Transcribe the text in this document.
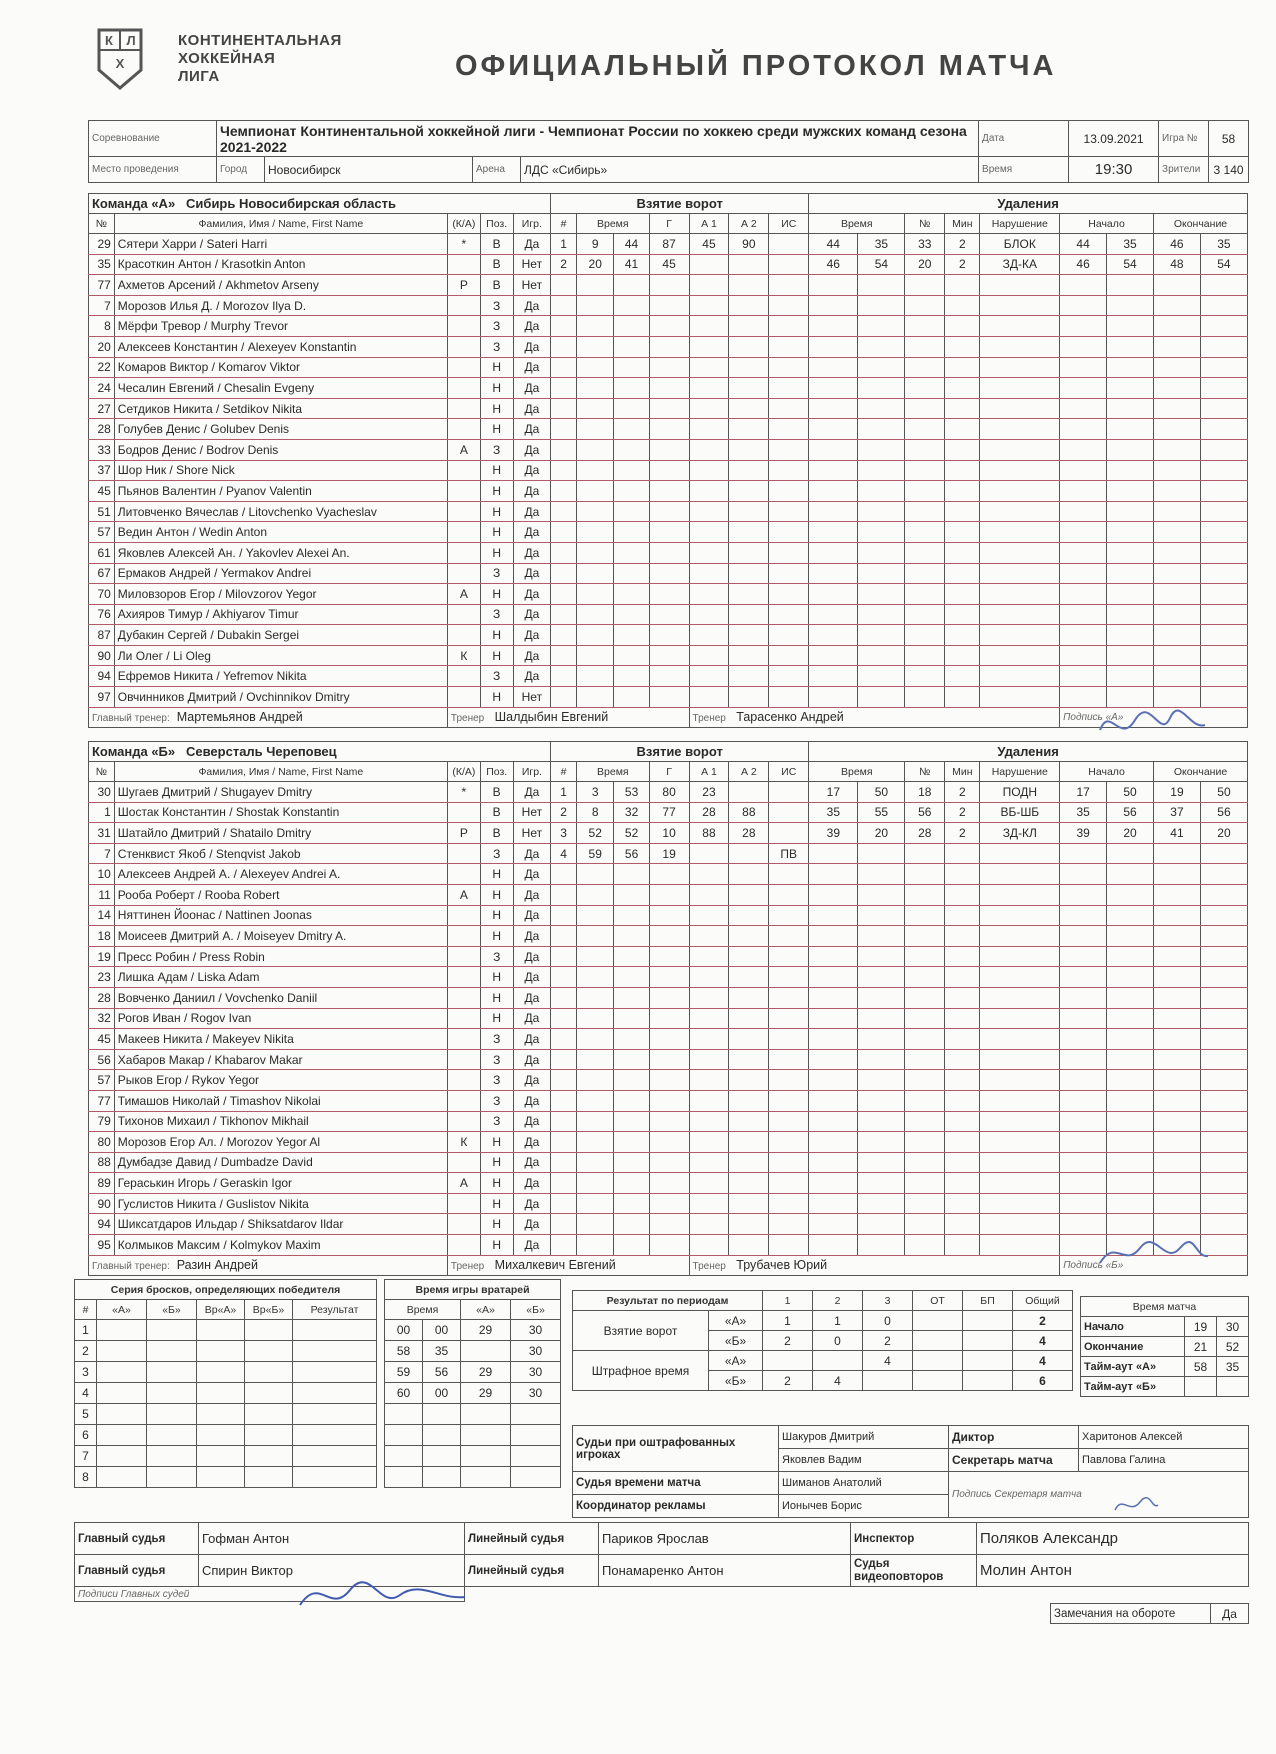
К Л
Х
КОНТИНЕНТАЛЬНАЯ
ХОККЕЙНАЯ
ЛИГА	ОФИЦИАЛЬНЫЙ ПРОТОКОЛ МАТЧА
Соревнование	Чемпионат Континентальной хоккейной лиги - Чемпионат России по хоккею среди мужских команд сезона 2021-2022				Дата	13.09.2021	Игра №	58
Место проведения	Город	Новосибирск	Арена	ЛДС «Сибирь»	Время	19:30	Зрители	3 140
Команда «А» Сибирь Новосибирская область					Взятие ворот							Удаления								
№	Фамилия, Имя / Name, First Name	(К/А)	Поз.	Игр.	#	Время		Г	А 1	А 2	ИС	Время		№	Мин	Нарушение	Начало		Окончание	
29	Сятери Харри / Sateri Harri	*	В	Да	1	9	44	87	45	90		44	35	33	2	БЛОК	44	35	46	35
35	Красоткин Антон / Krasotkin Anton		В	Нет	2	20	41	45				46	54	20	2	ЗД-КА	46	54	48	54
77	Ахметов Арсений / Akhmetov Arseny	Р	В	Нет																
7	Морозов Илья Д. / Morozov Ilya D.		З	Да																
8	Мёрфи Тревор / Murphy Trevor		З	Да																
20	Алексеев Константин / Alexeyev Konstantin		З	Да																
22	Комаров Виктор / Komarov Viktor		Н	Да																
24	Чесалин Евгений / Chesalin Evgeny		Н	Да																
27	Сетдиков Никита / Setdikov Nikita		Н	Да																
28	Голубев Денис / Golubev Denis		Н	Да																
33	Бодров Денис / Bodrov Denis	А	З	Да																
37	Шор Ник / Shore Nick		Н	Да																
45	Пьянов Валентин / Pyanov Valentin		Н	Да																
51	Литовченко Вячеслав / Litovchenko Vyacheslav		Н	Да																
57	Ведин Антон / Wedin Anton		Н	Да																
61	Яковлев Алексей Ан. / Yakovlev Alexei An.		Н	Да																
67	Ермаков Андрей / Yermakov Andrei		З	Да																
70	Миловзоров Егор / Milovzorov Yegor	А	Н	Да																
76	Ахияров Тимур / Akhiyarov Timur		З	Да																
87	Дубакин Сергей / Dubakin Sergei		Н	Да																
90	Ли Олег / Li Oleg	К	Н	Да																
94	Ефремов Никита / Yefremov Nikita		З	Да																
97	Овчинников Дмитрий / Ovchinnikov Dmitry		Н	Нет																
Главный тренер: Мартемьянов Андрей		Тренер Шалдыбин Евгений							Тренер Тарасенко Андрей								Подпись «А»			
Команда «Б» Северсталь Череповец					Взятие ворот							Удаления								
№	Фамилия, Имя / Name, First Name	(К/А)	Поз.	Игр.	#	Время		Г	А 1	А 2	ИС	Время		№	Мин	Нарушение	Начало		Окончание	
30	Шугаев Дмитрий / Shugayev Dmitry	*	В	Да	1	3	53	80	23			17	50	18	2	ПОДН	17	50	19	50
1	Шостак Константин / Shostak Konstantin		В	Нет	2	8	32	77	28	88		35	55	56	2	ВБ-ШБ	35	56	37	56
31	Шатайло Дмитрий / Shatailo Dmitry	Р	В	Нет	3	52	52	10	88	28		39	20	28	2	ЗД-КЛ	39	20	41	20
7	Стенквист Якоб / Stenqvist Jakob		З	Да	4	59	56	19			ПВ									
10	Алексеев Андрей А. / Alexeyev Andrei A.		Н	Да																
11	Рооба Роберт / Rooba Robert	А	Н	Да																
14	Няттинен Йоонас / Nattinen Joonas		Н	Да																
18	Моисеев Дмитрий А. / Moiseyev Dmitry A.		Н	Да																
19	Пресс Робин / Press Robin		З	Да																
23	Лишка Адам / Liska Adam		Н	Да																
28	Вовченко Даниил / Vovchenko Daniil		Н	Да																
32	Рогов Иван / Rogov Ivan		Н	Да																
45	Макеев Никита / Makeyev Nikita		З	Да																
56	Хабаров Макар / Khabarov Makar		З	Да																
57	Рыков Егор / Rykov Yegor		З	Да																
77	Тимашов Николай / Timashov Nikolai		З	Да																
79	Тихонов Михаил / Tikhonov Mikhail		З	Да																
80	Морозов Егор Ал. / Morozov Yegor Al	К	Н	Да																
88	Думбадзе Давид / Dumbadze David		Н	Да																
89	Гераськин Игорь / Geraskin Igor	А	Н	Да																
90	Гуслистов Никита / Guslistov Nikita		Н	Да																
94	Шиксатдаров Ильдар / Shiksatdarov Ildar		Н	Да																
95	Колмыков Максим / Kolmykov Maxim		Н	Да																
Главный тренер: Разин Андрей		Тренер Михалкевич Евгений							Тренер Трубачев Юрий								Подпись «Б»			
Серия бросков, определяющих победителя					
#	«А»	«Б»	Вр«А»	Вр«Б»	Результат
1					
2					
3					
4					
5					
6					
7					
8					
Время игры вратарей			
Время		«А»	«Б»
00	00	29	30
58	35		30
59	56	29	30
60	00	29	30

Результат по периодам		1	2	3	ОТ	БП	Общий
Взятие ворот	«А»	1	1	0			2
	«Б»	2	0	2			4
Штрафное время	«А»			4			4
	«Б»	2	4				6
Время матча		
Начало	19	30
Окончание	21	52
Тайм-аут «А»	58	35
Тайм-аут «Б»		
Судьи при оштрафованных игроках	Шакуров Дмитрий	Диктор	Харитонов Алексей
	Яковлев Вадим	Секретарь матча	Павлова Галина
Судья времени матча	Шиманов Анатолий	Подпись Секретаря матча	
Координатор рекламы	Ионычев Борис		
Главный судья	Гофман Антон
Главный судья	Спирин Виктор
Подписи Главных судей	
Линейный судья	Париков Ярослав	Инспектор	Поляков Александр
Линейный судья	Понамаренко Антон	Судья видеоповторов	Молин Антон
Замечания на обороте	Да
